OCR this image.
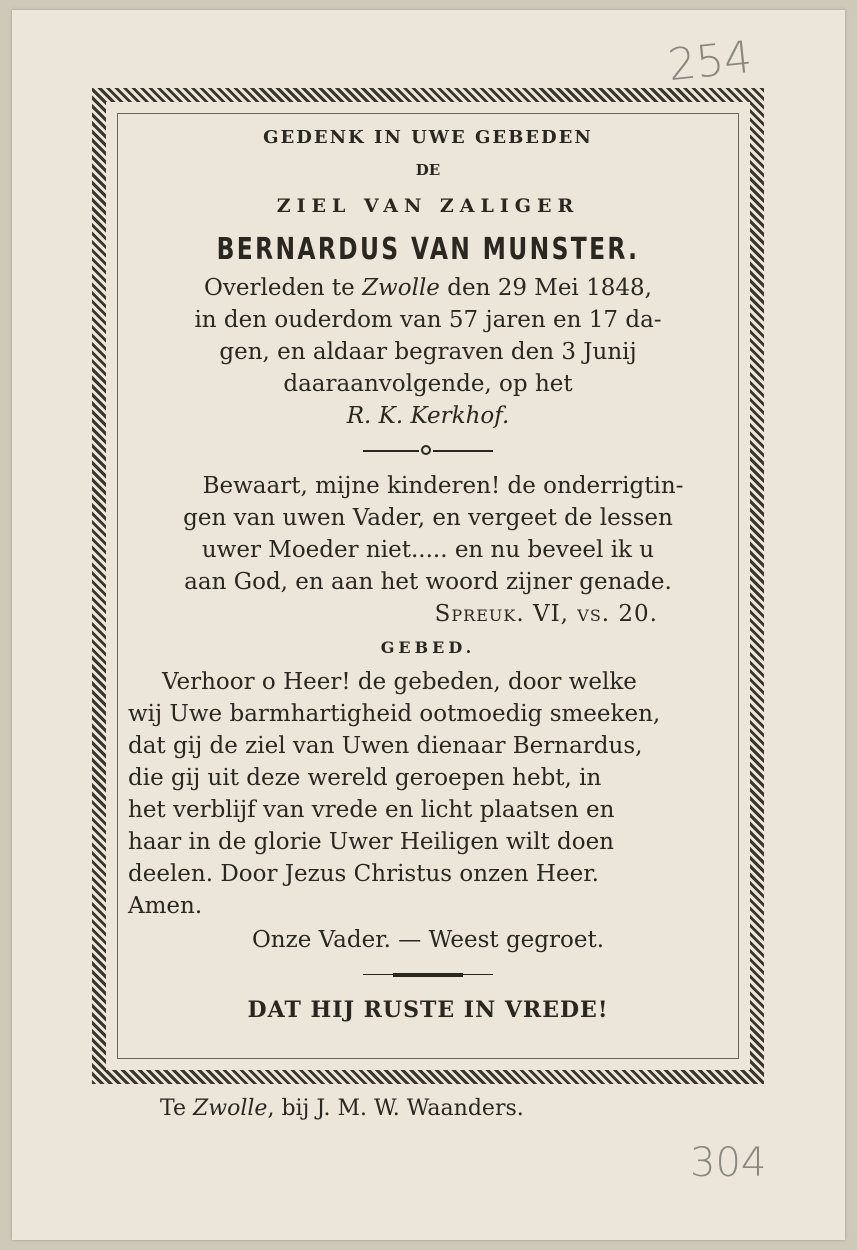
254
304

GEDENK IN UWE GEBEDEN

DE

ZIEL VAN ZALIGER

BERNARDUS VAN MUNSTER.

Overleden te Zwolle den 29 Mei 1848,

in den ouderdom van 57 jaren en 17 da-

gen, en aldaar begraven den 3 Junij

daaraanvolgende, op het

R. K. Kerkhof.

Bewaart, mijne kinderen! de onderrigtin-

gen van uwen Vader, en vergeet de lessen

uwer Moeder niet..... en nu beveel ik u

aan God, en aan het woord zijner genade.

Spreuk. VI, vs. 20.

GEBED.

Verhoor o Heer! de gebeden, door welke

wij Uwe barmhartigheid ootmoedig smeeken,

dat gij de ziel van Uwen dienaar Bernardus,

die gij uit deze wereld geroepen hebt, in

het verblijf van vrede en licht plaatsen en

haar in de glorie Uwer Heiligen wilt doen

deelen. Door Jezus Christus onzen Heer.

Amen.

Onze Vader. — Weest gegroet.

DAT HIJ RUSTE IN VREDE!

Te Zwolle, bij J. M. W. Waanders.
